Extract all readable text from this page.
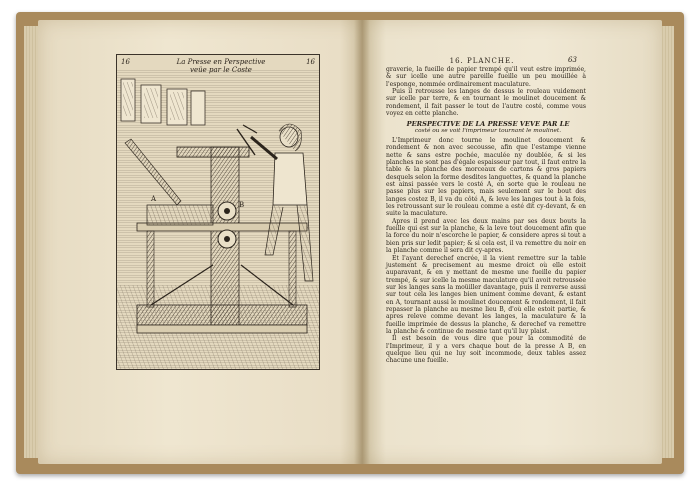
A
B
16	16
La Presse en Perspective
veüe par le Coste
16. PLANCHE.	63

graverie, la fueille de papier trempé qu'il veut estre imprimée, & sur icelle une autre pareille fueille un peu mouillée à l'esponge, nommée ordinairement maculature.

Puis il retrousse les langes de dessus le rouleau vuidement sur icelle par terre, & en tournant le moulinet doucement & rondement, il fait passer le tout de l'autre costé, comme vous voyez en cette planche.

PERSPECTIVE DE LA PRESSE VEVE PAR LE
costé ou se voit l'imprimeur tournant le moulinet.

L'Imprimeur donc tourne le moulinet doucement & rondement & non avec secousse, afin que l'estampe vienne nette & sans estre pochée, maculée ny doublée, & si les planches ne sont pas d'égale espaisseur par tout, il faut entre la table & la planche des morceaux de cartons & gros papiers desquels selon la forme desdites languettes, & quand la planche est ainsi passée vers le costé A, en sorte que le rouleau ne passe plus sur les papiers, mais seulement sur le bout des langes costez B, il va du côté A, & leve les langes tout à la fois, les retroussant sur le rouleau comme a esté dit cy-devant, & en suite la maculature.

Apres il prend avec les deux mains par ses deux bouts la fueille qui est sur la planche, & la leve tout doucement afin que la force du noir n'escorche le papier, & considere apres si tout a bien pris sur ledit papier; & si cela est, il va remettre du noir en la planche comme il sera dit cy-apres.

Et l'ayant derechef encrée, il la vient remettre sur la table justement & precisement au mesme droict où elle estoit auparavant, & en y mettant de mesme une fueille du papier trempé, & sur icelle la mesme maculature qu'il avoit retroussée sur les langes sans la moüiller davantage, puis il renverse aussi sur tout cela les langes bien uniment comme devant, & estant en A, tournant aussi le moulinet doucement & rondement, il fait repasser la planche au mesme lieu B, d'où elle estoit partie, & apres releve comme devant les langes, la maculature & la fueille imprimée de dessus la planche, & derechef va remettre la planche & continue de mesme tant qu'il luy plaist.

Il est besoin de vous dire que pour la commodité de l'Imprimeur, il y a vers chaque bout de la presse A B, en quelque lieu qui ne luy soit incommode, deux tables assez chacune une fueille.
